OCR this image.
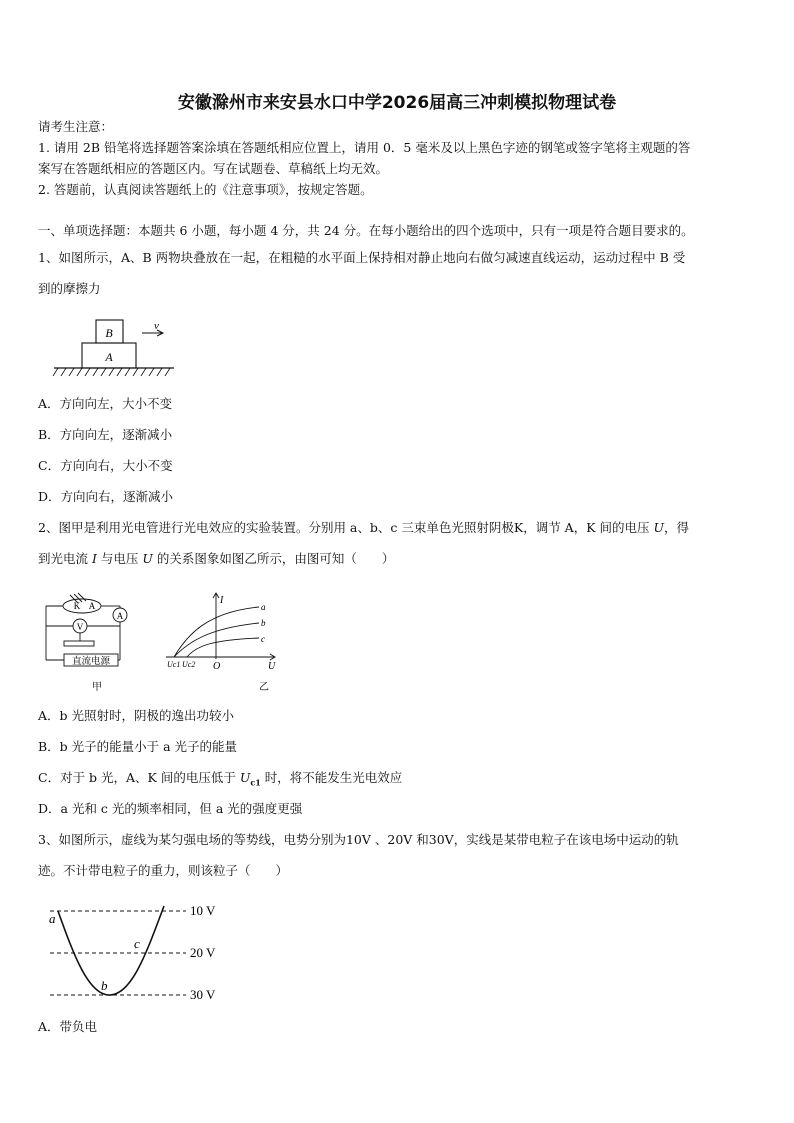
安徽滁州市来安县水口中学2026届高三冲刺模拟物理试卷
请考生注意：
1. 请用 2B 铅笔将选择题答案涂填在答题纸相应位置上，请用 0．5 毫米及以上黑色字迹的钢笔或签字笔将主观题的答
案写在答题纸相应的答题区内。写在试题卷、草稿纸上均无效。
2. 答题前，认真阅读答题纸上的《注意事项》，按规定答题。
一、单项选择题：本题共 6 小题，每小题 4 分，共 24 分。在每小题给出的四个选项中，只有一项是符合题目要求的。
1、如图所示，A、B 两物块叠放在一起，在粗糙的水平面上保持相对静止地向右做匀减速直线运动，运动过程中 B 受
到的摩擦力
A
B	v
A．方向向左，大小不变
B．方向向左，逐渐减小
C．方向向右，大小不变
D．方向向右，逐渐减小
2、图甲是利用光电管进行光电效应的实验装置。分别用 a、b、c 三束单色光照射阴极K，调节 A，K 间的电压 U，得
到光电流 I 与电压 U 的关系图象如图乙所示，由图可知（　　）
V
A
K A
直流电源
甲
I
U
O
Uc1 Uc2
a
b
c
乙
A．b 光照射时，阴极的逸出功较小
B．b 光子的能量小于 a 光子的能量
C．对于 b 光，A、K 间的电压低于 $U_{c1}$ 时，将不能发生光电效应
D．a 光和 c 光的频率相同，但 a 光的强度更强
3、如图所示，虚线为某匀强电场的等势线，电势分别为10V 、20V 和30V，实线是某带电粒子在该电场中运动的轨
迹。不计带电粒子的重力，则该粒子（　　）
10 V
20 V
30 V
a
b
c
A．带负电
